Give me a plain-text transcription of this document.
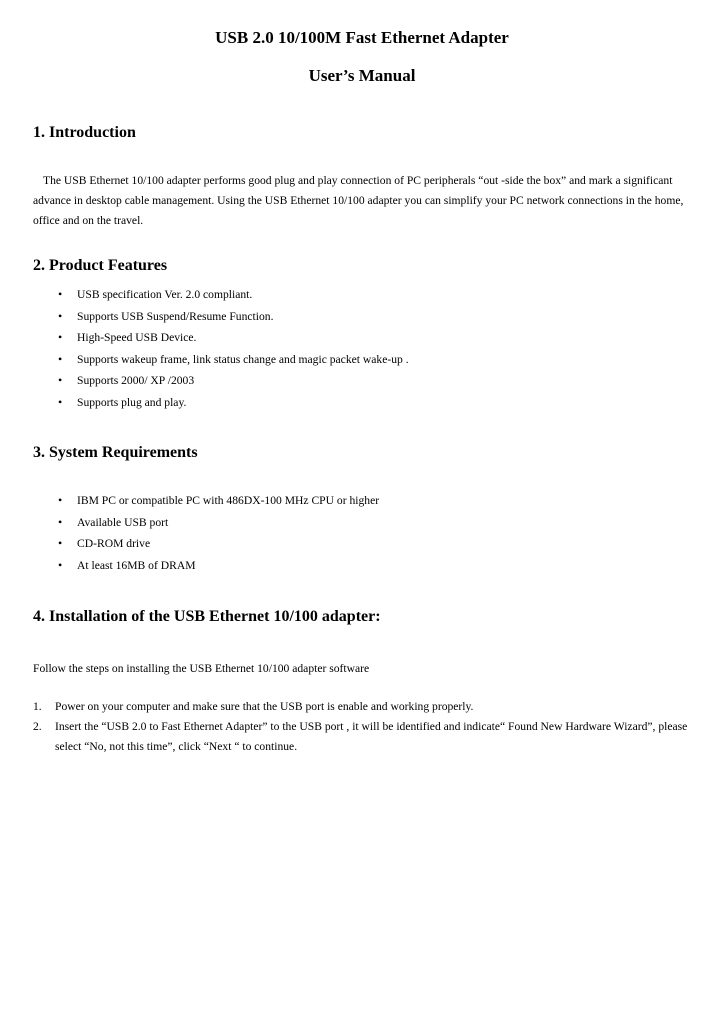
USB 2.0 10/100M Fast Ethernet Adapter
User’s Manual
1. Introduction

The USB Ethernet 10/100 adapter performs good plug and play connection of PC peripherals “out -side the box” and mark a significant advance in desktop cable management. Using the USB Ethernet 10/100 adapter you can simplify your PC network connections in the home, office and on the travel.

2. Product Features
• USB specification Ver. 2.0 compliant.
• Supports USB Suspend/Resume Function.
• High-Speed USB Device.
• Supports wakeup frame, link status change and magic packet wake-up .
• Supports 2000/ XP /2003
• Supports plug and play.
3. System Requirements
• IBM PC or compatible PC with 486DX-100 MHz CPU or higher
• Available USB port
• CD-ROM drive
• At least 16MB of DRAM
4. Installation of the USB Ethernet 10/100 adapter:

Follow the steps on installing the USB Ethernet 10/100 adapter software

1. Power on your computer and make sure that the USB port is enable and working properly.
2. Insert the “USB 2.0 to Fast Ethernet Adapter” to the USB port , it will be identified and indicate“ Found New Hardware Wizard”, please select “No, not this time”, click “Next “ to continue.
